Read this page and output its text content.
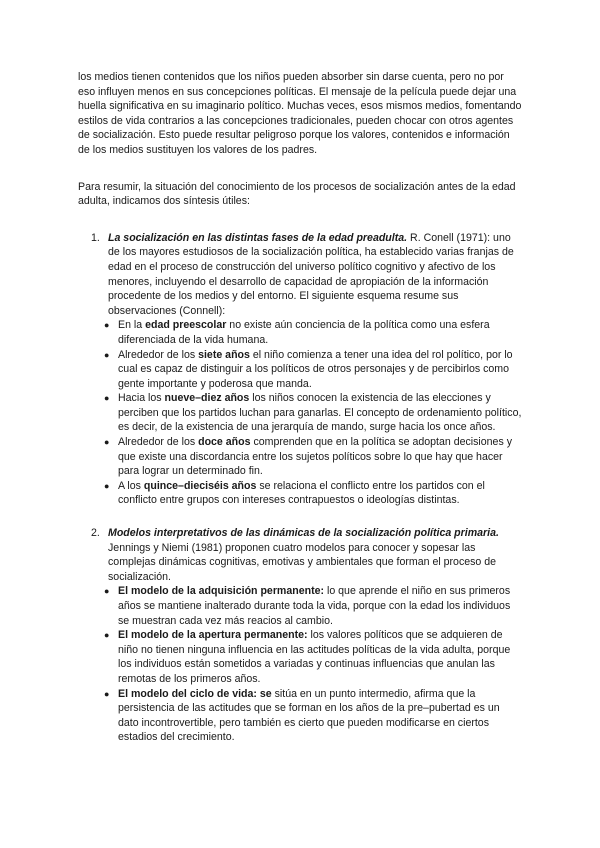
los medios tienen contenidos que los niños pueden absorber sin darse cuenta, pero no por eso influyen menos en sus concepciones políticas. El mensaje de la película puede dejar una huella significativa en su imaginario político. Muchas veces, esos mismos medios, fomentando estilos de vida contrarios a las concepciones tradicionales, pueden chocar con otros agentes de socialización. Esto puede resultar peligroso porque los valores, contenidos e información de los medios sustituyen los valores de los padres.

Para resumir, la situación del conocimiento de los procesos de socialización antes de la edad adulta, indicamos dos síntesis útiles:

1. La socialización en las distintas fases de la edad preadulta. R. Conell (1971): uno de los mayores estudiosos de la socialización política, ha establecido varias franjas de edad en el proceso de construcción del universo político cognitivo y afectivo de los menores, incluyendo el desarrollo de capacidad de apropiación de la información procedente de los medios y del entorno. El siguiente esquema resume sus observaciones (Connell):
● En la edad preescolar no existe aún conciencia de la política como una esfera diferenciada de la vida humana.
● Alrededor de los siete años el niño comienza a tener una idea del rol político, por lo cual es capaz de distinguir a los políticos de otros personajes y de percibirlos como gente importante y poderosa que manda.
● Hacia los nueve–diez años los niños conocen la existencia de las elecciones y perciben que los partidos luchan para ganarlas. El concepto de ordenamiento político, es decir, de la existencia de una jerarquía de mando, surge hacia los once años.
● Alrededor de los doce años comprenden que en la política se adoptan decisiones y que existe una discordancia entre los sujetos políticos sobre lo que hay que hacer para lograr un determinado fin.
● A los quince–dieciséis años se relaciona el conflicto entre los partidos con el conflicto entre grupos con intereses contrapuestos o ideologías distintas.
2. Modelos interpretativos de las dinámicas de la socialización política primaria.
Jennings y Niemi (1981) proponen cuatro modelos para conocer y sopesar las complejas dinámicas cognitivas, emotivas y ambientales que forman el proceso de socialización.
● El modelo de la adquisición permanente: lo que aprende el niño en sus primeros años se mantiene inalterado durante toda la vida, porque con la edad los individuos se muestran cada vez más reacios al cambio.
● El modelo de la apertura permanente: los valores políticos que se adquieren de niño no tienen ninguna influencia en las actitudes políticas de la vida adulta, porque los individuos están sometidos a variadas y continuas influencias que anulan las remotas de los primeros años.
● El modelo del ciclo de vida: se sitúa en un punto intermedio, afirma que la persistencia de las actitudes que se forman en los años de la pre–pubertad es un dato incontrovertible, pero también es cierto que pueden modificarse en ciertos estadios del crecimiento.
